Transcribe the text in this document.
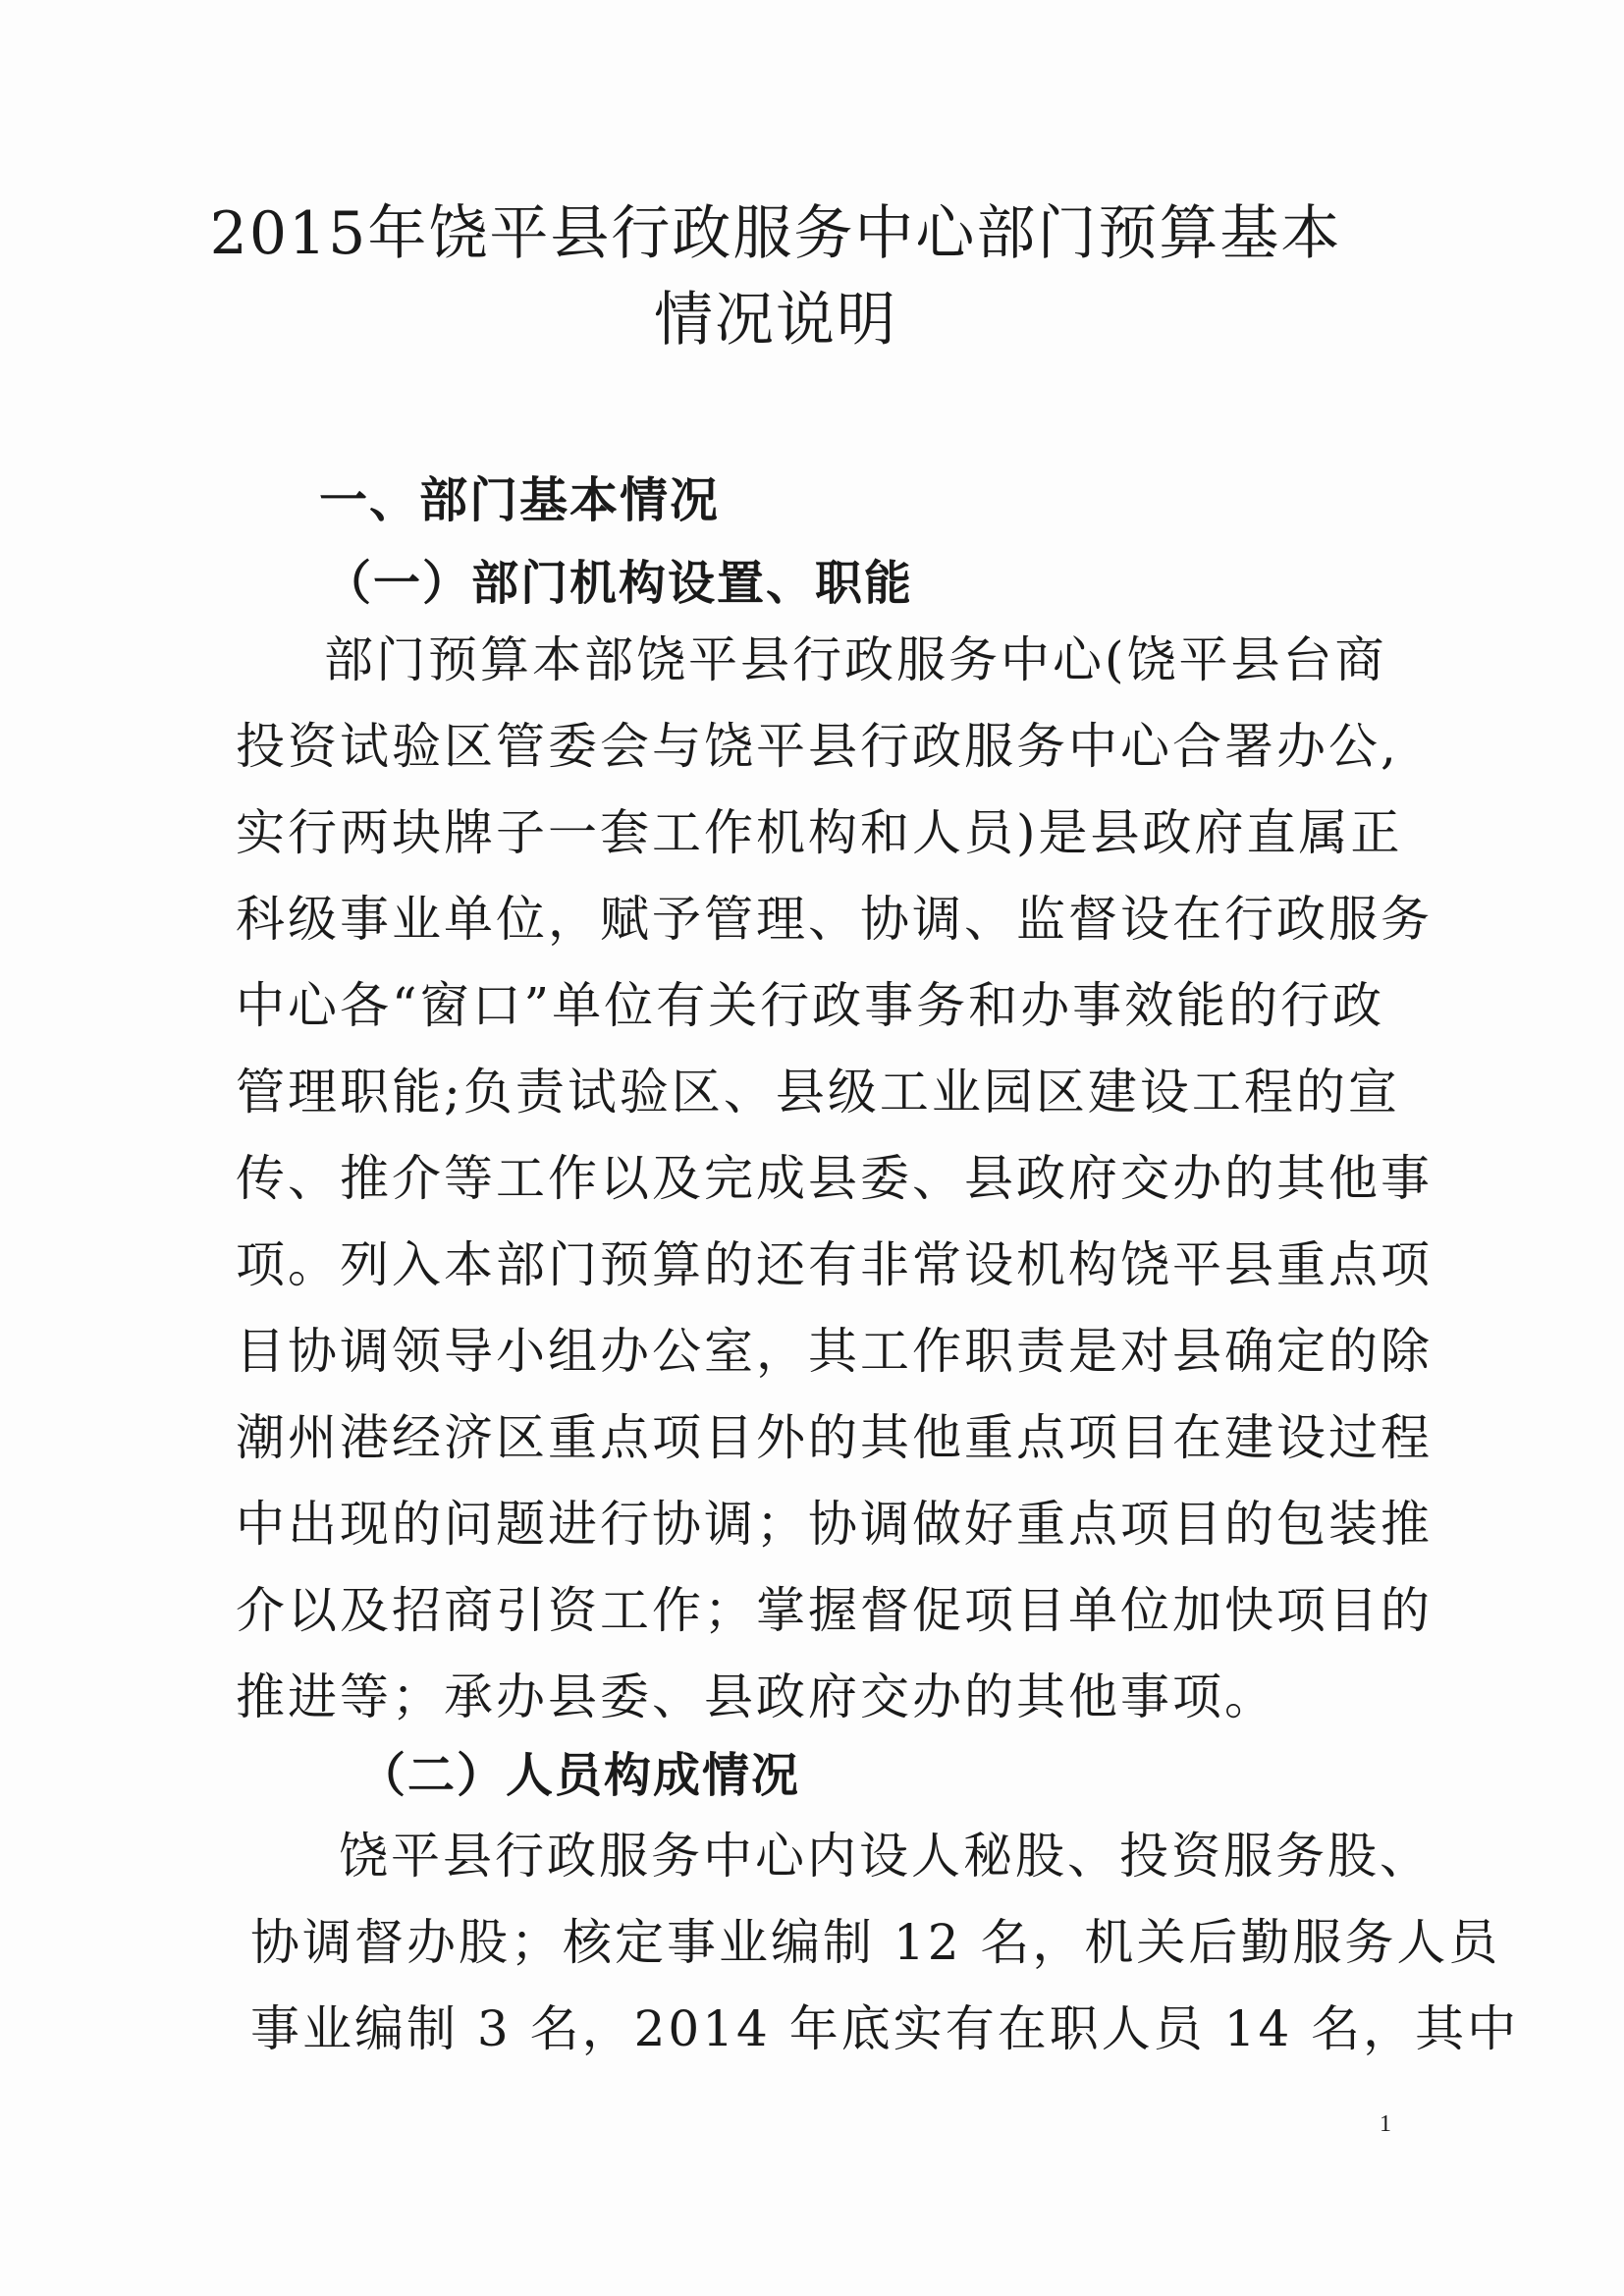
2015年饶平县行政服务中心部门预算基本
情况说明
一、部门基本情况
（一）部门机构设置、职能
部门预算本部饶平县行政服务中心(饶平县台商
投资试验区管委会与饶平县行政服务中心合署办公,
实行两块牌子一套工作机构和人员)是县政府直属正
科级事业单位，赋予管理、协调、监督设在行政服务
中心各“窗口”单位有关行政事务和办事效能的行政
管理职能;负责试验区、县级工业园区建设工程的宣
传、推介等工作以及完成县委、县政府交办的其他事
项。列入本部门预算的还有非常设机构饶平县重点项
目协调领导小组办公室，其工作职责是对县确定的除
潮州港经济区重点项目外的其他重点项目在建设过程
中出现的问题进行协调；协调做好重点项目的包装推
介以及招商引资工作；掌握督促项目单位加快项目的
推进等；承办县委、县政府交办的其他事项。
（二）人员构成情况
饶平县行政服务中心内设人秘股、投资服务股、
协调督办股；核定事业编制 12 名，机关后勤服务人员
事业编制 3 名，2014 年底实有在职人员 14 名，其中
1
